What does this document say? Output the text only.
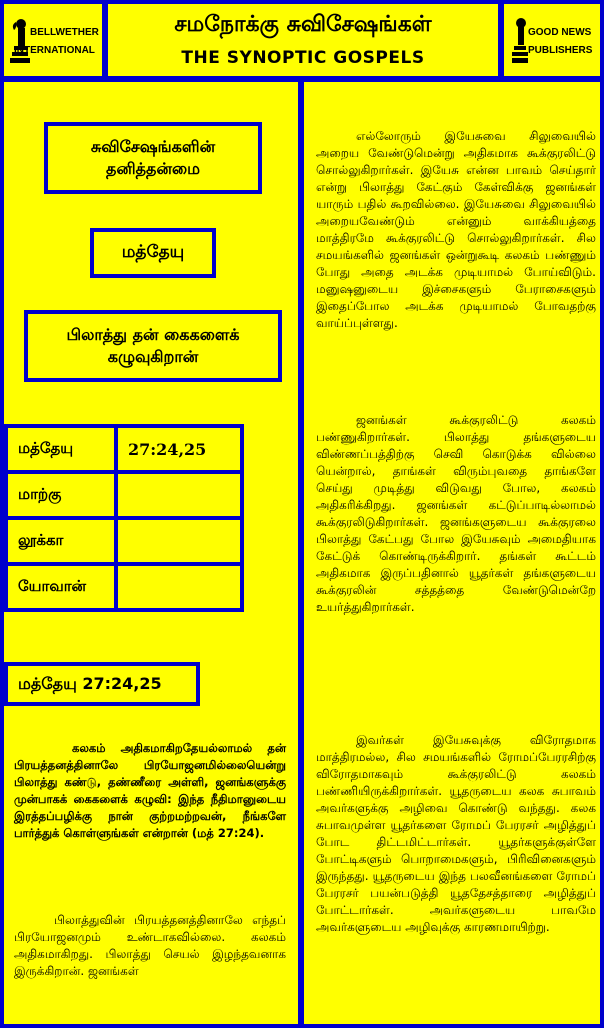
BELLWETHER
INTERNATIONAL
சமநோக்கு சுவிசேஷங்கள்
THE SYNOPTIC GOSPELS
GOOD NEWS
PUBLISHERS
சுவிசேஷங்களின்
தனித்தன்மை
மத்தேயு
பிலாத்து தன் கைகளைக்
கழுவுகிறான்
மத்தேயு	27:24,25
மாற்கு
லூக்கா
யோவான்
மத்தேயு 27:24,25

கலகம் அதிகமாகிறதேயல்லாமல் தன் பிரயத்தனத்தினாலே பிரயோஜனமில்லையென்று பிலாத்து கண்டு, தண்ணீரை அள்ளி, ஜனங்களுக்கு முன்பாகக் கைகளைக் கழுவி: இந்த நீதிமானுடைய இரத்தப்பழிக்கு நான் குற்றமற்றவன், நீங்களே பார்த்துக் கொள்ளுங்கள் என்றான் (மத் 27:24).

பிலாத்துவின் பிரயத்தனத்தினாலே எந்தப் பிரயோஜனமும் உண்டாகவில்லை. கலகம் அதிகமாகிறது. பிலாத்து செயல் இழந்தவனாக இருக்கிறான். ஜனங்கள்

எல்லோரும் இயேசுவை சிலுவையில் அறைய வேண்டுமென்று அதிகமாக கூக்குரலிட்டு சொல்லுகிறார்கள். இயேசு என்ன பாவம் செய்தார் என்று பிலாத்து கேட்கும் கேள்விக்கு ஜனங்கள் யாரும் பதில் கூறவில்லை. இயேசுவை சிலுவையில் அறையவேண்டும் என்னும் வாக்கியத்தை மாத்திரமே கூக்குரலிட்டு சொல்லுகிறார்கள். சில சமயங்களில் ஜனங்கள் ஒன்றுகூடி கலகம் பண்ணும் போது அதை அடக்க முடியாமல் போய்விடும். மனுஷனுடைய இச்சைகளும் பேராசைகளும் இதைப்போல அடக்க முடியாமல் போவதற்கு வாய்ப்புள்ளது.

ஜனங்கள் கூக்குரலிட்டு கலகம் பண்ணுகிறார்கள். பிலாத்து தங்களுடைய விண்ணப்பத்திற்கு செவி கொடுக்க வில்லை யென்றால், தாங்கள் விரும்புவதை தாங்களே செய்து முடித்து விடுவது போல, கலகம் அதிகரிக்கிறது. ஜனங்கள் கட்டுப்பாடில்லாமல் கூக்குரலிடுகிறார்கள். ஜனங்களுடைய கூக்குரலை பிலாத்து கேட்பது போல இயேசுவும் அமைதியாக கேட்டுக் கொண்டிருக்கிறார். தங்கள் கூட்டம் அதிகமாக இருப்பதினால் யூதர்கள் தங்களுடைய கூக்குரலின் சத்தத்தை வேண்டுமென்றே உயர்த்துகிறார்கள்.

இவர்கள் இயேசுவுக்கு விரோதமாக மாத்திரமல்ல, சில சமயங்களில் ரோமப்பேரரசிற்கு விரோதமாகவும் கூக்குரலிட்டு கலகம் பண்ணியிருக்கிறார்கள். யூதருடைய கலக சுபாவம் அவர்களுக்கு அழிவை கொண்டு வந்தது. கலக சுபாவமுள்ள யூதர்களை ரோமப் பேரரசர் அழித்துப் போட திட்டமிட்டார்கள். யூதர்களுக்குள்ளே போட்டிகளும் பொறாமைகளும், பிரிவினைகளும் இருந்தது. யூதருடைய இந்த பலவீனங்களை ரோமப் பேரரசர் பயன்படுத்தி யூததேசத்தாரை அழித்துப் போட்டார்கள். அவர்களுடைய பாவமே அவர்களுடைய அழிவுக்கு காரணமாயிற்று.
